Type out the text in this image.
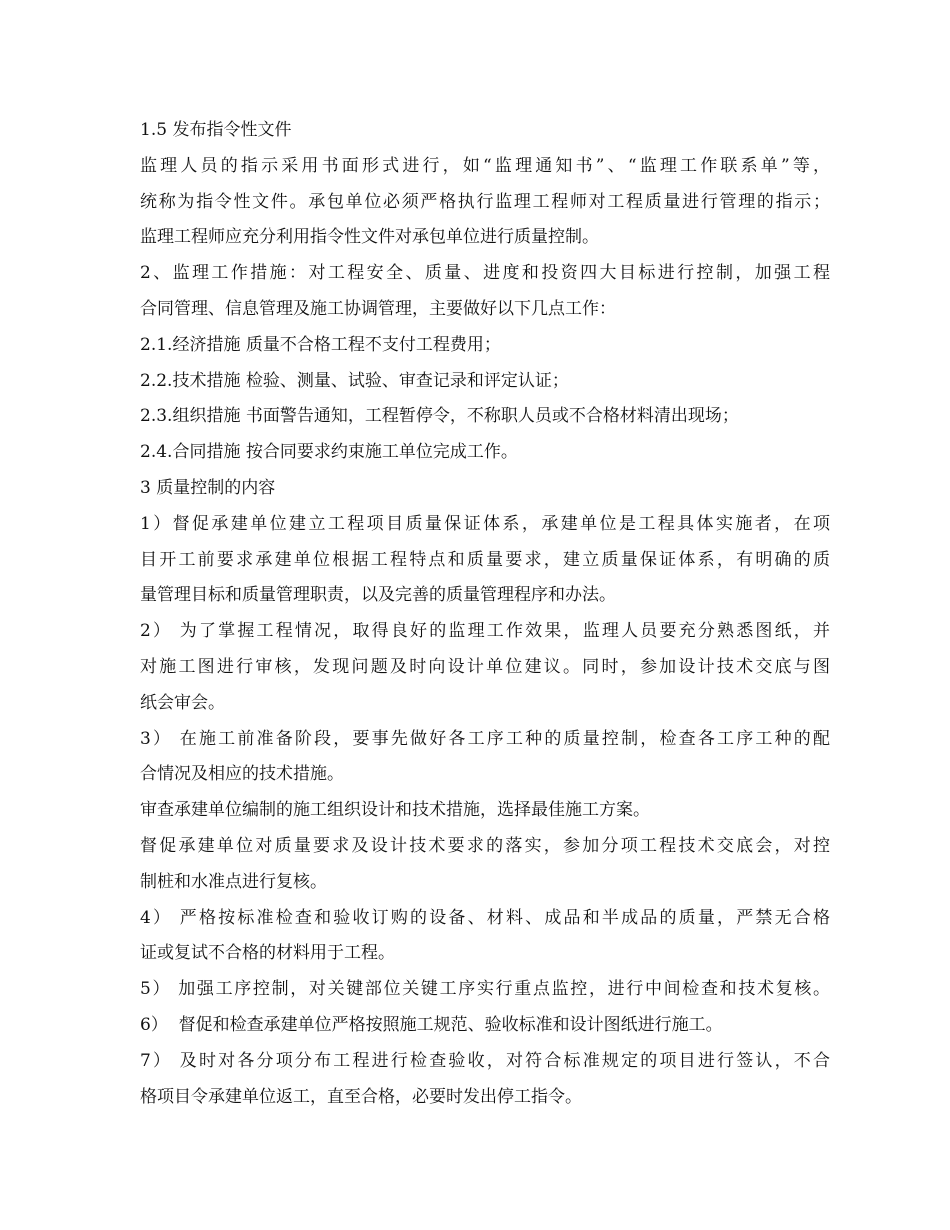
1.5 发布指令性文件
监理人员的指示采用书面形式进行，如“监理通知书”、“监理工作联系单”等，
统称为指令性文件。承包单位必须严格执行监理工程师对工程质量进行管理的指示；
监理工程师应充分利用指令性文件对承包单位进行质量控制。
2、监理工作措施：对工程安全、质量、进度和投资四大目标进行控制，加强工程
合同管理、信息管理及施工协调管理，主要做好以下几点工作：
2.1.经济措施 质量不合格工程不支付工程费用；
2.2.技术措施 检验、测量、试验、审查记录和评定认证；
2.3.组织措施 书面警告通知，工程暂停令，不称职人员或不合格材料清出现场；
2.4.合同措施 按合同要求约束施工单位完成工作。
3 质量控制的内容
1）督促承建单位建立工程项目质量保证体系，承建单位是工程具体实施者，在项
目开工前要求承建单位根据工程特点和质量要求，建立质量保证体系，有明确的质
量管理目标和质量管理职责，以及完善的质量管理程序和办法。
2） 为了掌握工程情况，取得良好的监理工作效果，监理人员要充分熟悉图纸，并
对施工图进行审核，发现问题及时向设计单位建议。同时，参加设计技术交底与图
纸会审会。
3） 在施工前准备阶段，要事先做好各工序工种的质量控制，检查各工序工种的配
合情况及相应的技术措施。
审查承建单位编制的施工组织设计和技术措施，选择最佳施工方案。
督促承建单位对质量要求及设计技术要求的落实，参加分项工程技术交底会，对控
制桩和水准点进行复核。
4） 严格按标准检查和验收订购的设备、材料、成品和半成品的质量，严禁无合格
证或复试不合格的材料用于工程。
5） 加强工序控制，对关键部位关键工序实行重点监控，进行中间检查和技术复核。
6）  督促和检查承建单位严格按照施工规范、验收标准和设计图纸进行施工。
7） 及时对各分项分布工程进行检查验收，对符合标准规定的项目进行签认，不合
格项目令承建单位返工，直至合格，必要时发出停工指令。
